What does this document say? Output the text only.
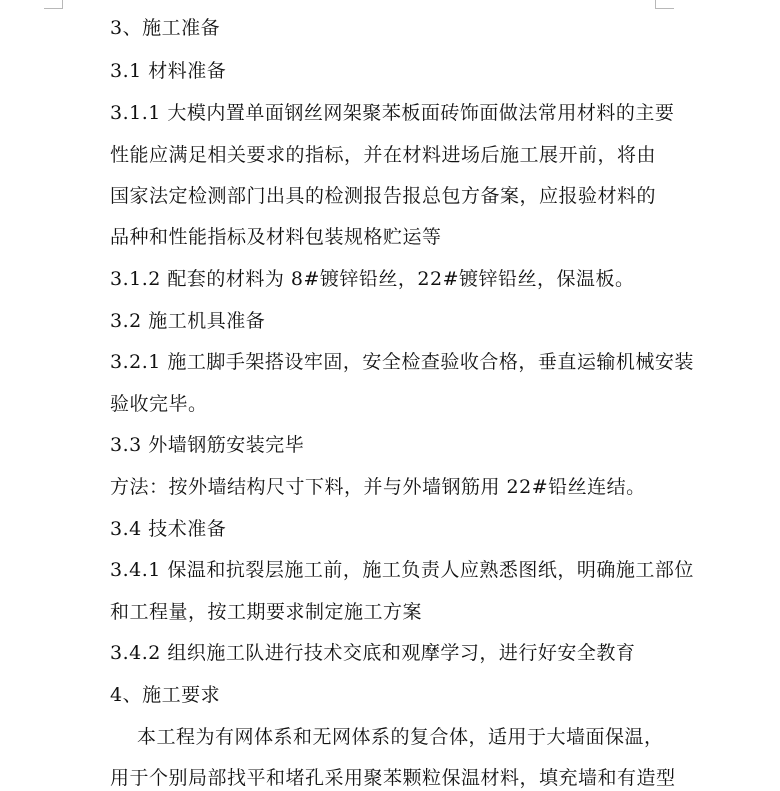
3、施工准备
3.1 材料准备
3.1.1 大模内置单面钢丝网架聚苯板面砖饰面做法常用材料的主要
性能应满足相关要求的指标，并在材料进场后施工展开前，将由
国家法定检测部门出具的检测报告报总包方备案，应报验材料的
品种和性能指标及材料包装规格贮运等
3.1.2 配套的材料为 8#镀锌铅丝，22#镀锌铅丝，保温板。
3.2 施工机具准备
3.2.1 施工脚手架搭设牢固，安全检查验收合格，垂直运输机械安装
验收完毕。
3.3 外墙钢筋安装完毕
方法：按外墙结构尺寸下料，并与外墙钢筋用 22#铅丝连结。
3.4 技术准备
3.4.1 保温和抗裂层施工前，施工负责人应熟悉图纸，明确施工部位
和工程量，按工期要求制定施工方案
3.4.2 组织施工队进行技术交底和观摩学习，进行好安全教育
4、施工要求
本工程为有网体系和无网体系的复合体，适用于大墙面保温，
用于个别局部找平和堵孔采用聚苯颗粒保温材料，填充墙和有造型
